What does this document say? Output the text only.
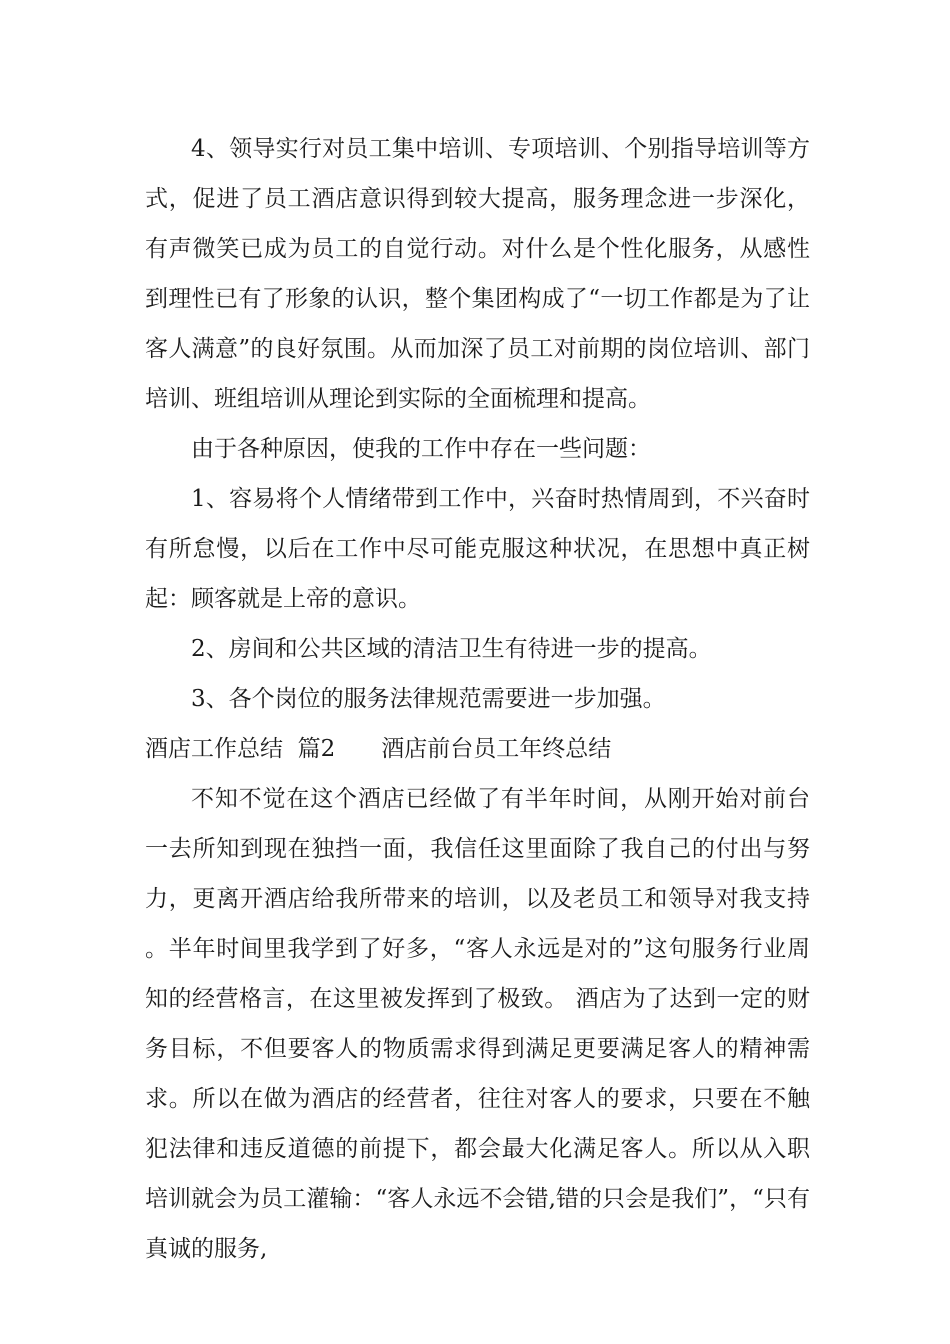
4、领导实行对员工集中培训、专项培训、个别指导培训等方式，促进了员工酒店意识得到较大提高，服务理念进一步深化，有声微笑已成为员工的自觉行动。对什么是个性化服务，从感性到理性已有了形象的认识，整个集团构成了“一切工作都是为了让客人满意”的良好氛围。从而加深了员工对前期的岗位培训、部门培训、班组培训从理论到实际的全面梳理和提高。

由于各种原因，使我的工作中存在一些问题：

1、容易将个人情绪带到工作中，兴奋时热情周到，不兴奋时有所怠慢，以后在工作中尽可能克服这种状况，在思想中真正树起：顾客就是上帝的意识。

2、房间和公共区域的清洁卫生有待进一步的提高。

3、各个岗位的服务法律规范需要进一步加强。

酒店工作总结  篇2 酒店前台员工年终总结

不知不觉在这个酒店已经做了有半年时间，从刚开始对前台一去所知到现在独挡一面，我信任这里面除了我自己的付出与努力，更离开酒店给我所带来的培训，以及老员工和领导对我支持。半年时间里我学到了好多，“客人永远是对的”这句服务行业周知的经营格言，在这里被发挥到了极致。 酒店为了达到一定的财务目标，不但要客人的物质需求得到满足更要满足客人的精神需求。所以在做为酒店的经营者，往往对客人的要求，只要在不触犯法律和违反道德的前提下，都会最大化满足客人。所以从入职培训就会为员工灌输：“客人永远不会错,错的只会是我们”，“只有真诚的服务,
